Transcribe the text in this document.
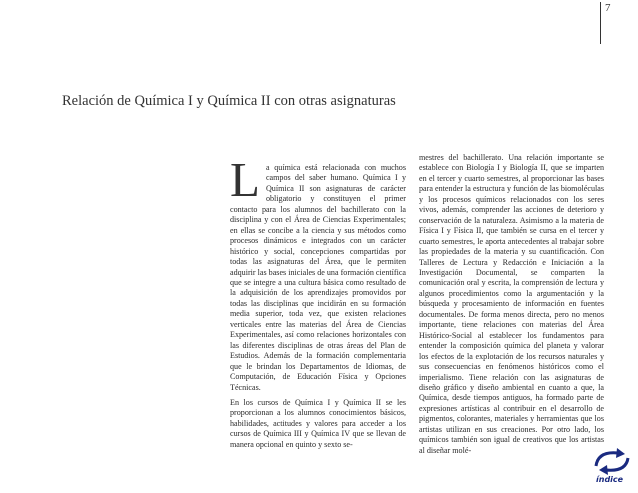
7
Relación de Química I y Química II con otras asignaturas

La química está relacionada con muchos campos del saber humano. Química I y Química II son asignaturas de carácter obligatorio y constituyen el primer contacto para los alumnos del bachillerato con la disciplina y con el Área de Ciencias Experimentales; en ellas se concibe a la ciencia y sus métodos como procesos dinámicos e integrados con un carácter histórico y social, concepciones compartidas por todas las asignaturas del Área, que le permiten adquirir las bases iniciales de una formación científica que se integre a una cultura básica como resultado de la adquisición de los aprendizajes promovidos por todas las disciplinas que incidirán en su formación media superior, toda vez, que existen relaciones verticales entre las materias del Área de Ciencias Experimentales, así como relaciones horizontales con las diferentes disciplinas de otras áreas del Plan de Estudios. Además de la formación complementaria que le brindan los Departamentos de Idiomas, de Computación, de Educación Física y Opciones Técnicas.

En los cursos de Química I y Química II se les proporcionan a los alumnos conocimientos básicos, habilidades, actitudes y valores para acceder a los cursos de Química III y Química IV que se llevan de manera opcional en quinto y sexto se-

mestres del bachillerato. Una relación importante se establece con Biología I y Biología II, que se imparten en el tercer y cuarto semestres, al proporcionar las bases para entender la estructura y función de las biomoléculas y los procesos químicos relacionados con los seres vivos, además, comprender las acciones de deterioro y conservación de la naturaleza. Asimismo a la materia de Física I y Física II, que también se cursa en el tercer y cuarto semestres, le aporta antecedentes al trabajar sobre las propiedades de la materia y su cuantificación. Con Talleres de Lectura y Redacción e Iniciación a la Investigación Documental, se comparten la comunicación oral y escrita, la comprensión de lectura y algunos procedimientos como la argumentación y la búsqueda y procesamiento de información en fuentes documentales. De forma menos directa, pero no menos importante, tiene relaciones con materias del Área Histórico-Social al establecer los fundamentos para entender la composición química del planeta y valorar los efectos de la explotación de los recursos naturales y sus consecuencias en fenómenos históricos como el imperialismo. Tiene relación con las asignaturas de diseño gráfico y diseño ambiental en cuanto a que, la Química, desde tiempos antiguos, ha formado parte de expresiones artísticas al contribuir en el desarrollo de pigmentos, colorantes, materiales y herramientas que los artistas utilizan en sus creaciones. Por otro lado, los químicos también son igual de creativos que los artistas al diseñar molé-

índice
